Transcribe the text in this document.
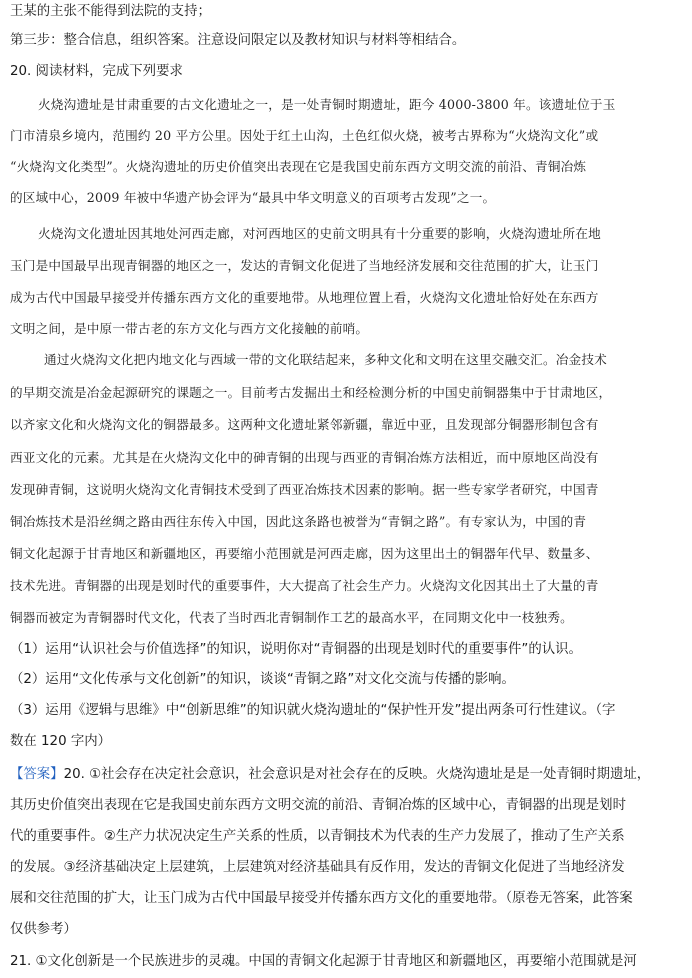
王某的主张不能得到法院的支持；
第三步：整合信息，组织答案。注意设问限定以及教材知识与材料等相结合。
20. 阅读材料，完成下列要求
火烧沟遗址是甘肃重要的古文化遗址之一，是一处青铜时期遗址，距今 4000-3800 年。该遗址位于玉
门市清泉乡境内，范围约 20 平方公里。因处于红土山沟，土色红似火烧，被考古界称为“火烧沟文化”或
“火烧沟文化类型”。火烧沟遗址的历史价值突出表现在它是我国史前东西方文明交流的前沿、青铜冶炼
的区域中心，2009 年被中华遗产协会评为“最具中华文明意义的百项考古发现”之一。
火烧沟文化遗址因其地处河西走廊，对河西地区的史前文明具有十分重要的影响，火烧沟遗址所在地
玉门是中国最早出现青铜器的地区之一，发达的青铜文化促进了当地经济发展和交往范围的扩大，让玉门
成为古代中国最早接受并传播东西方文化的重要地带。从地理位置上看，火烧沟文化遗址恰好处在东西方
文明之间，是中原一带古老的东方文化与西方文化接触的前哨。
通过火烧沟文化把内地文化与西域一带的文化联结起来，多种文化和文明在这里交融交汇。冶金技术
的早期交流是冶金起源研究的课题之一。目前考古发掘出土和经检测分析的中国史前铜器集中于甘肃地区，
以齐家文化和火烧沟文化的铜器最多。这两种文化遗址紧邻新疆，靠近中亚，且发现部分铜器形制包含有
西亚文化的元素。尤其是在火烧沟文化中的砷青铜的出现与西亚的青铜冶炼方法相近，而中原地区尚没有
发现砷青铜，这说明火烧沟文化青铜技术受到了西亚冶炼技术因素的影响。据一些专家学者研究，中国青
铜冶炼技术是沿丝绸之路由西往东传入中国，因此这条路也被誉为“青铜之路”。有专家认为，中国的青
铜文化起源于甘青地区和新疆地区，再要缩小范围就是河西走廊，因为这里出土的铜器年代早、数量多、
技术先进。青铜器的出现是划时代的重要事件，大大提高了社会生产力。火烧沟文化因其出土了大量的青
铜器而被定为青铜器时代文化，代表了当时西北青铜制作工艺的最高水平，在同期文化中一枝独秀。
（1）运用“认识社会与价值选择”的知识，说明你对“青铜器的出现是划时代的重要事件”的认识。
（2）运用“文化传承与文化创新”的知识，谈谈“青铜之路”对文化交流与传播的影响。
（3）运用《逻辑与思维》中“创新思维”的知识就火烧沟遗址的“保护性开发”提出两条可行性建议。（字
数在 120 字内）
【答案】20. ①社会存在决定社会意识，社会意识是对社会存在的反映。火烧沟遗址是是一处青铜时期遗址，
其历史价值突出表现在它是我国史前东西方文明交流的前沿、青铜冶炼的区域中心，青铜器的出现是划时
代的重要事件。②生产力状况决定生产关系的性质，以青铜技术为代表的生产力发展了，推动了生产关系
的发展。③经济基础决定上层建筑，上层建筑对经济基础具有反作用，发达的青铜文化促进了当地经济发
展和交往范围的扩大，让玉门成为古代中国最早接受并传播东西方文化的重要地带。（原卷无答案，此答案
仅供参考）
21. ①文化创新是一个民族进步的灵魂。中国的青铜文化起源于甘青地区和新疆地区，再要缩小范围就是河
